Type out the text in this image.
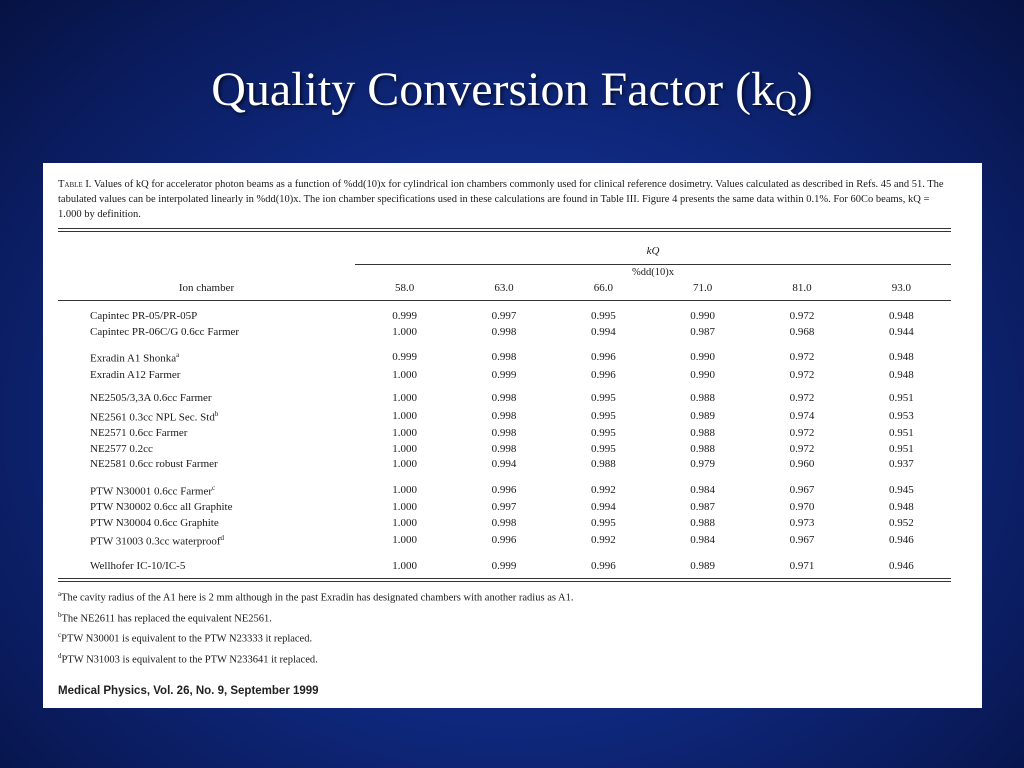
Quality Conversion Factor $(k_Q)$

Table I. Values of kQ for accelerator photon beams as a function of %dd(10)x for cylindrical ion chambers commonly used for clinical reference dosimetry. Values calculated as described in Refs. 45 and 51. The tabulated values can be interpolated linearly in %dd(10)x. The ion chamber specifications used in these calculations are found in Table III. Figure 4 presents the same data within 0.1%. For 60Co beams, kQ = 1.000 by definition.

	kQ					
	%dd(10)x					
Ion chamber	58.0	63.0	66.0	71.0	81.0	93.0

Capintec PR-05/PR-05P	0.999	0.997	0.995	0.990	0.972	0.948
Capintec PR-06C/G 0.6cc Farmer	1.000	0.998	0.994	0.987	0.968	0.944

Exradin A1 Shonka$^a$	0.999	0.998	0.996	0.990	0.972	0.948
Exradin A12 Farmer	1.000	0.999	0.996	0.990	0.972	0.948

NE2505/3,3A 0.6cc Farmer	1.000	0.998	0.995	0.988	0.972	0.951
NE2561 0.3cc NPL Sec. Std$^b$	1.000	0.998	0.995	0.989	0.974	0.953
NE2571 0.6cc Farmer	1.000	0.998	0.995	0.988	0.972	0.951
NE2577 0.2cc	1.000	0.998	0.995	0.988	0.972	0.951
NE2581 0.6cc robust Farmer	1.000	0.994	0.988	0.979	0.960	0.937

PTW N30001 0.6cc Farmer$^c$	1.000	0.996	0.992	0.984	0.967	0.945
PTW N30002 0.6cc all Graphite	1.000	0.997	0.994	0.987	0.970	0.948
PTW N30004 0.6cc Graphite	1.000	0.998	0.995	0.988	0.973	0.952
PTW 31003 0.3cc waterproof$^d$	1.000	0.996	0.992	0.984	0.967	0.946

Wellhofer IC-10/IC-5	1.000	0.999	0.996	0.989	0.971	0.946
$^a$The cavity radius of the A1 here is 2 mm although in the past Exradin has designated chambers with another radius as A1.
$^b$The NE2611 has replaced the equivalent NE2561.
$^c$PTW N30001 is equivalent to the PTW N23333 it replaced.
$^d$PTW N31003 is equivalent to the PTW N233641 it replaced.
Medical Physics, Vol. 26, No. 9, September 1999
